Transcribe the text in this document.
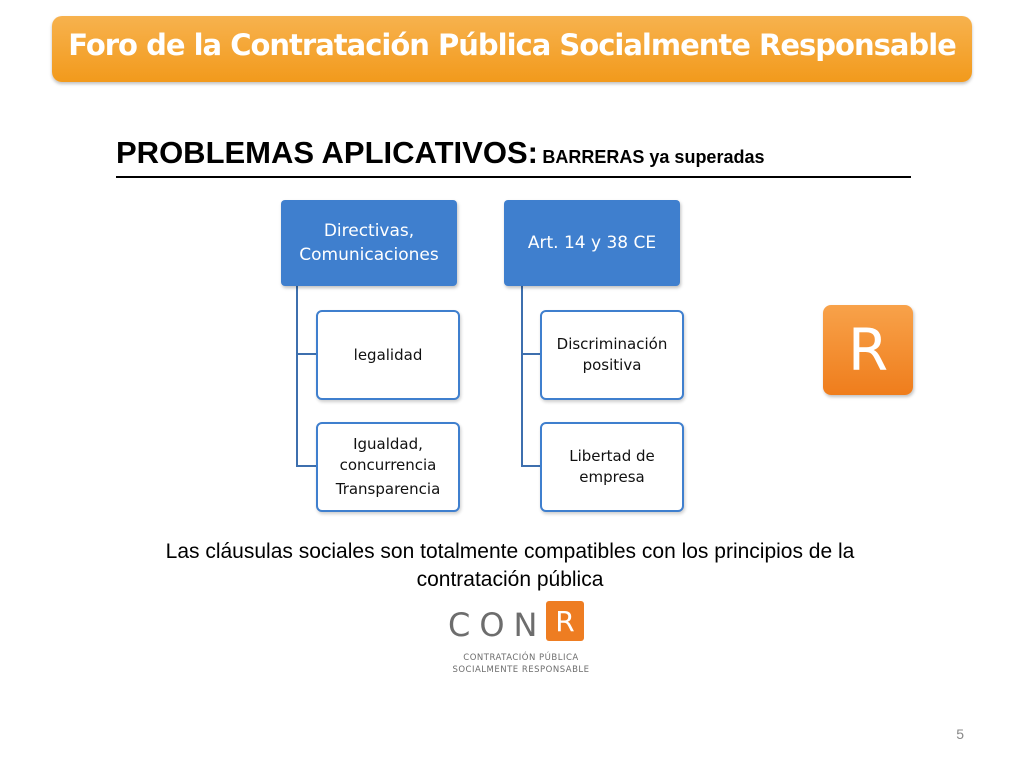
Foro de la Contratación Pública Socialmente Responsable
PROBLEMAS APLICATIVOS: BARRERAS ya superadas
Directivas,
Comunicaciones
legalidad
Igualdad,
concurrencia
Transparencia
Art. 14 y 38 CE
Discriminación
positiva
Libertad de
empresa
R
Las cláusulas sociales son totalmente compatibles con los principios de la
contratación pública
CON R
CONTRATACIÓN PÚBLICA
SOCIALMENTE RESPONSABLE
5
